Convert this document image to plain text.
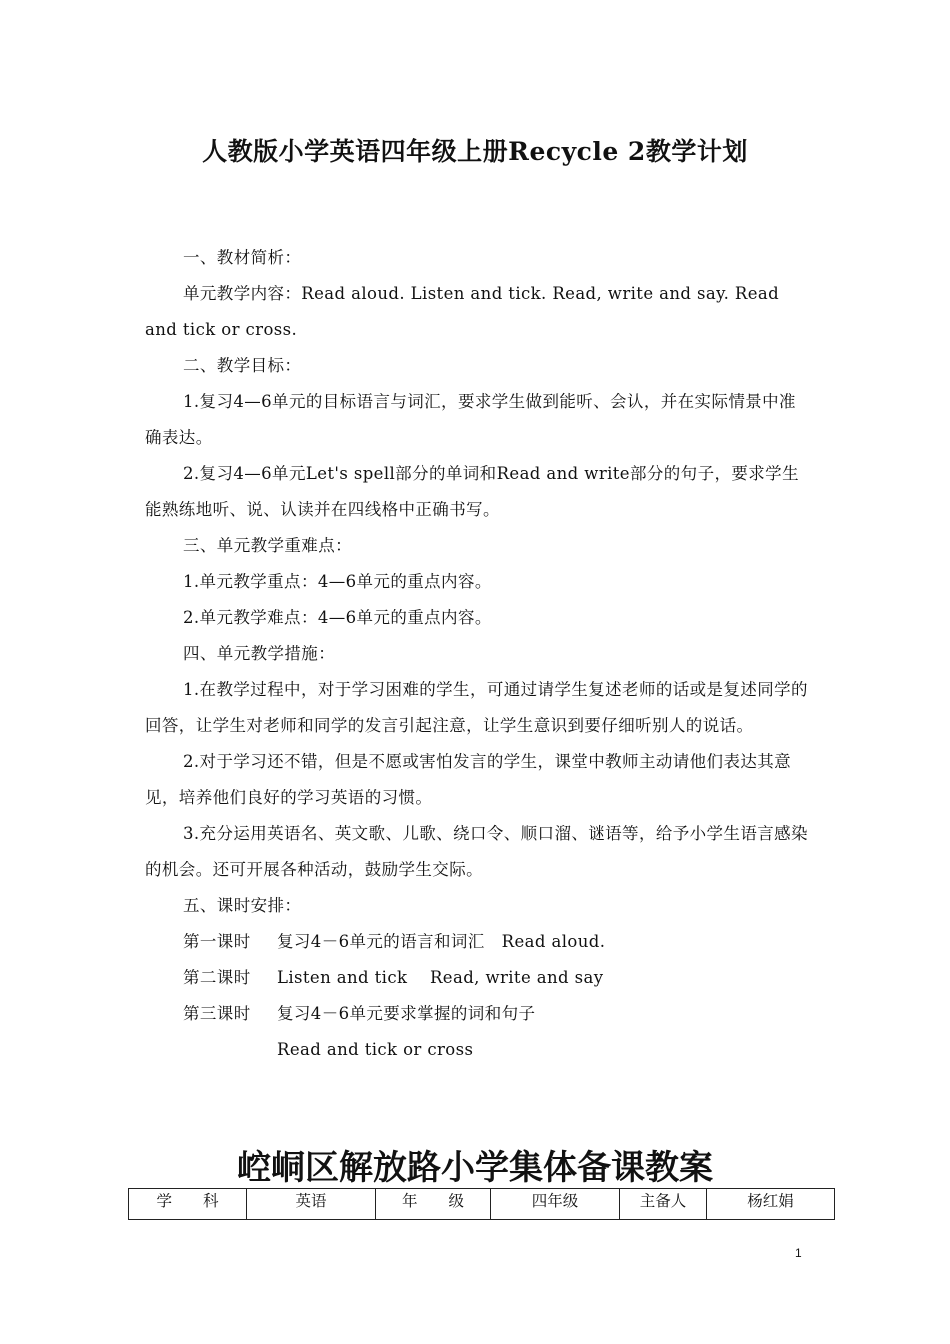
人教版小学英语四年级上册Recycle 2教学计划

一、教材简析：

单元教学内容：Read aloud. Listen and tick. Read, write and say. Read and tick or cross.

二、教学目标：

1.复习4—6单元的目标语言与词汇，要求学生做到能听、会认，并在实际情景中准确表达。

2.复习4—6单元Let's spell部分的单词和Read and write部分的句子，要求学生能熟练地听、说、认读并在四线格中正确书写。

三、单元教学重难点：

1.单元教学重点：4—6单元的重点内容。

2.单元教学难点：4—6单元的重点内容。

四、单元教学措施：

1.在教学过程中，对于学习困难的学生，可通过请学生复述老师的话或是复述同学的回答，让学生对老师和同学的发言引起注意，让学生意识到要仔细听别人的说话。

2.对于学习还不错，但是不愿或害怕发言的学生，课堂中教师主动请他们表达其意见，培养他们良好的学习英语的习惯。

3.充分运用英语名、英文歌、儿歌、绕口令、顺口溜、谜语等，给予小学生语言感染的机会。还可开展各种活动，鼓励学生交际。

五、课时安排：

第一课时	复习4－6单元的语言和词汇   Read aloud.
第二课时	Listen and tick    Read, write and say
第三课时	复习4－6单元要求掌握的词和句子
Read and tick or cross
崆峒区解放路小学集体备课教案
学　　科	英语	年　　级	四年级	主备人	杨红娟
1
